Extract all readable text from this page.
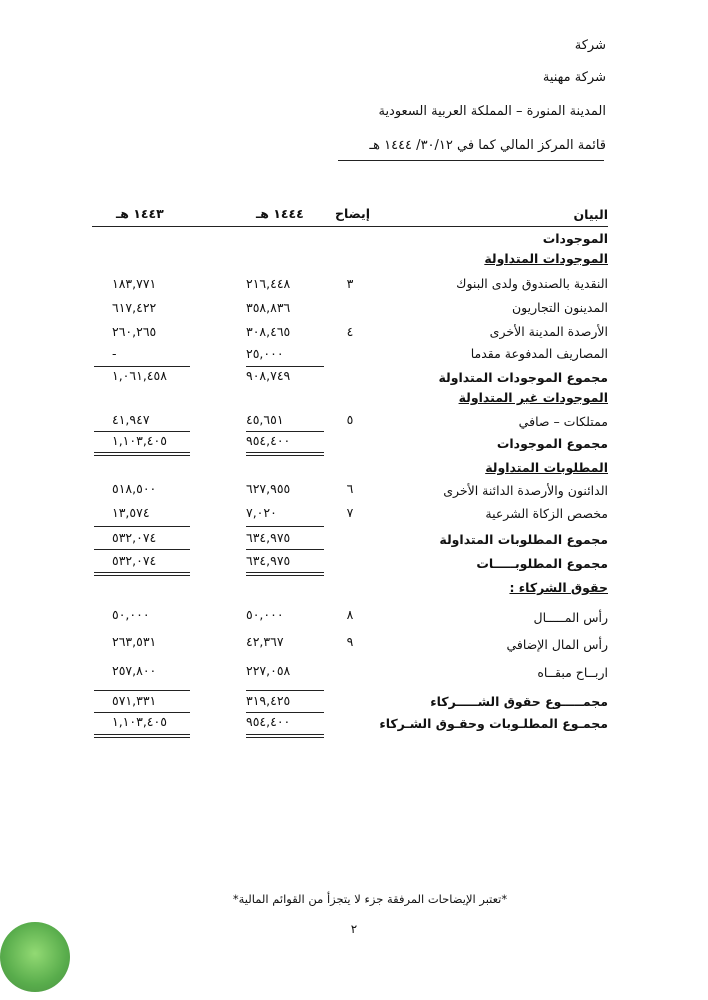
شركة
شركة مهنية
المدينة المنورة – المملكة العربية السعودية
قائمة المركز المالي كما في ٣٠/١٢/ ١٤٤٤ هـ
البيان
إيضاح
١٤٤٤ هـ
١٤٤٣ هـ
الموجودات
الموجودات المتداولة
النقدية بالصندوق ولدى البنوك
٣
٢١٦,٤٤٨
١٨٣,٧٧١
المدينون التجاريون
٣٥٨,٨٣٦
٦١٧,٤٢٢
الأرصدة المدينة الأخرى
٤
٣٠٨,٤٦٥
٢٦٠,٢٦٥
المصاريف المدفوعة مقدما
٢٥,٠٠٠
-
مجموع الموجودات المتداولة
٩٠٨,٧٤٩
١,٠٦١,٤٥٨
الموجودات غير المتداولة
ممتلكات – صافي
٥
٤٥,٦٥١
٤١,٩٤٧
مجموع الموجودات
٩٥٤,٤٠٠
١,١٠٣,٤٠٥
المطلوبات المتداولة
الدائنون والأرصدة الدائنة الأخرى
٦
٦٢٧,٩٥٥
٥١٨,٥٠٠
مخصص الزكاة الشرعية
٧
٧,٠٢٠
١٣,٥٧٤
مجموع المطلوبات المتداولة
٦٣٤,٩٧٥
٥٣٢,٠٧٤
مجموع المطلوبـــــات
٦٣٤,٩٧٥
٥٣٢,٠٧٤
حقوق الشركاء :
رأس المـــــال
٨
٥٠,٠٠٠
٥٠,٠٠٠
رأس المال الإضافي
٩
٤٢,٣٦٧
٢٦٣,٥٣١
اربــاح مبقــاه
٢٢٧,٠٥٨
٢٥٧,٨٠٠
مجمـــــوع حقوق الشـــــركاء
٣١٩,٤٢٥
٥٧١,٣٣١
مجمـوع المطلـوبات وحقـوق الشـركاء
٩٥٤,٤٠٠
١,١٠٣,٤٠٥
*تعتبر الإيضاحات المرفقة جزء لا يتجزأ من القوائم المالية*
٢
